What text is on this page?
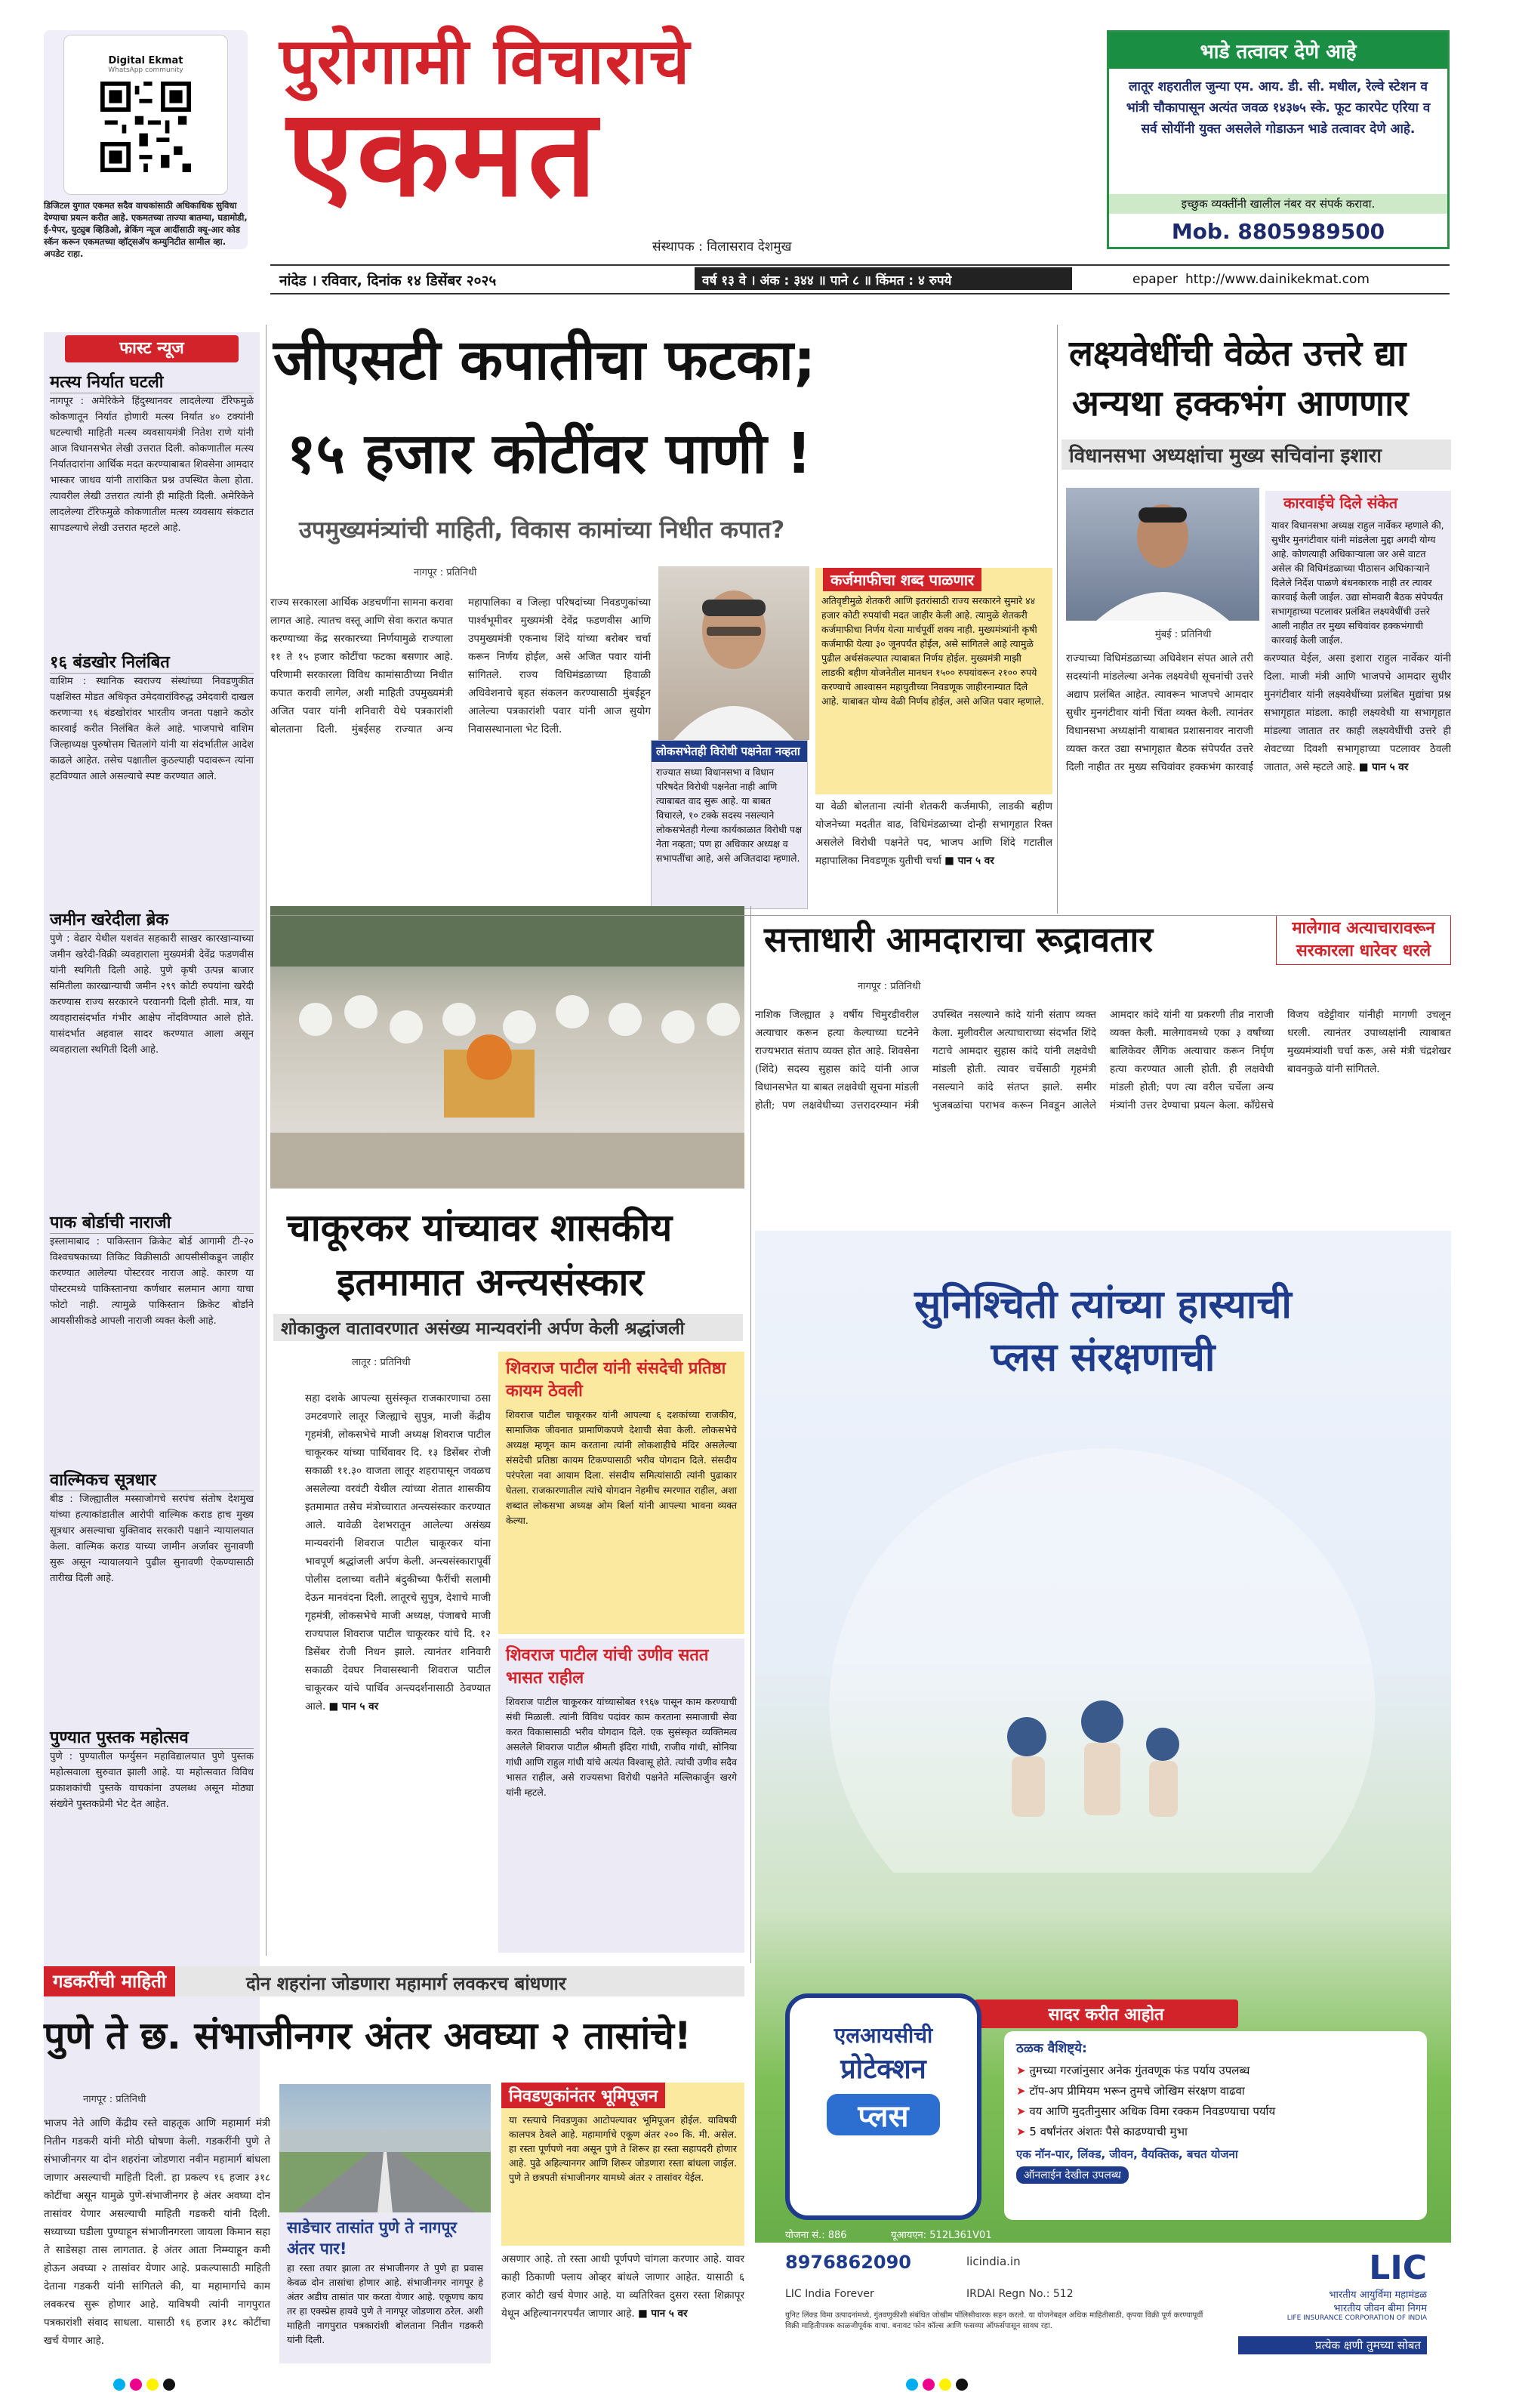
Digital Ekmat
WhatsApp community
डिजिटल युगात एकमत सदैव वाचकांसाठी अधिकाधिक सुविधा देण्याचा प्रयत्न करीत आहे. एकमतच्या ताज्या बातम्या, घडामोडी, ई-पेपर, युट्युब व्हिडिओ, ब्रेकिंग न्यूज आदींसाठी क्यू-आर कोड स्कॅन करून एकमतच्या व्हॉट्सॲप कम्युनिटीत सामील व्हा. अपडेट राहा.
पुरोगामी विचाराचे
एकमत
संस्थापक : विलासराव देशमुख
भाडे तत्वावर देणे आहे
लातूर शहरातील जुन्या एम. आय. डी. सी. मधील, रेल्वे स्टेशन व भांत्री चौकापासून अत्यंत जवळ १४३७५ स्के. फूट कारपेट एरिया व सर्व सोयींनी युक्त असलेले गोडाऊन भाडे तत्वावर देणे आहे.
इच्छुक व्यक्तींनी खालील नंबर वर संपर्क करावा.
Mob. 8805989500
नांदेड । रविवार, दिनांक १४ डिसेंबर २०२५	वर्ष १३ वे । अंक : ३४४ ॥ पाने ८ ॥ किंमत : ४ रुपये	epaper http://www.dainikekmat.com
फास्ट न्यूज
मत्स्य निर्यात घटली
नागपूर : अमेरिकेने हिंदुस्थानवर लादलेल्या टॅरिफमुळे कोकणातून निर्यात होणारी मत्स्य निर्यात ४० टक्यांनी घटल्याची माहिती मत्स्य व्यवसायमंत्री नितेश राणे यांनी आज विधानसभेत लेखी उत्तरात दिली. कोकणातील मत्स्य निर्यातदारांना आर्थिक मदत करण्याबाबत शिवसेना आमदार भास्कर जाधव यांनी तारांकित प्रश्न उपस्थित केला होता. त्यावरील लेखी उत्तरात त्यांनी ही माहिती दिली. अमेरिकेने लादलेल्या टॅरिफमुळे कोकणातील मत्स्य व्यवसाय संकटात सापडल्याचे लेखी उत्तरात म्हटले आहे.
१६ बंडखोर निलंबित
वाशिम : स्थानिक स्वराज्य संस्थांच्या निवडणुकीत पक्षशिस्त मोडत अधिकृत उमेदवारांविरुद्ध उमेदवारी दाखल करणाऱ्या १६ बंडखोरांवर भारतीय जनता पक्षाने कठोर कारवाई करीत निलंबित केले आहे. भाजपाचे वाशिम जिल्हाध्यक्ष पुरुषोत्तम चितलांगे यांनी या संदर्भातील आदेश काढले आहेत. तसेच पक्षातील कुठल्याही पदावरून त्यांना हटविण्यात आले असल्याचे स्पष्ट करण्यात आले.
जमीन खरेदीला ब्रेक
पुणे : वेढार येथील यशवंत सहकारी साखर कारखान्याच्या जमीन खरेदी-विक्री व्यवहाराला मुख्यमंत्री देवेंद्र फडणवीस यांनी स्थगिती दिली आहे. पुणे कृषी उत्पन्न बाजार समितीला कारखान्याची जमीन २९९ कोटी रुपयांना खरेदी करण्यास राज्य सरकारने परवानगी दिली होती. मात्र, या व्यवहारासंदर्भात गंभीर आक्षेप नोंदविण्यात आले होते. यासंदर्भात अहवाल सादर करण्यात आला असून व्यवहाराला स्थगिती दिली आहे.
पाक बोर्डाची नाराजी
इस्लामाबाद : पाकिस्तान क्रिकेट बोर्ड आगामी टी-२० विश्वचषकाच्या तिकिट विक्रीसाठी आयसीसीकडून जाहीर करण्यात आलेल्या पोस्टरवर नाराज आहे. कारण या पोस्टरमध्ये पाकिस्तानचा कर्णधार सलमान आगा याचा फोटो नाही. त्यामुळे पाकिस्तान क्रिकेट बोर्डाने आयसीसीकडे आपली नाराजी व्यक्त केली आहे.
वाल्मिकच सूत्रधार
बीड : जिल्ह्यातील मस्साजोगचे सरपंच संतोष देशमुख यांच्या हत्याकांडातील आरोपी वाल्मिक कराड हाच मुख्य सूत्रधार असल्याचा युक्तिवाद सरकारी पक्षाने न्यायालयात केला. वाल्मिक कराड याच्या जामीन अर्जावर सुनावणी सुरू असून न्यायालयाने पुढील सुनावणी ऐकण्यासाठी तारीख दिली आहे.
पुण्यात पुस्तक महोत्सव
पुणे : पुण्यातील फर्ग्युसन महाविद्यालयात पुणे पुस्तक महोत्सवाला सुरुवात झाली आहे. या महोत्सवात विविध प्रकाशकांची पुस्तके वाचकांना उपलब्ध असून मोठ्या संख्येने पुस्तकप्रेमी भेट देत आहेत.
जीएसटी कपातीचा फटका;
१५ हजार कोटींवर पाणी !
उपमुख्यमंत्र्यांची माहिती, विकास कामांच्या निधीत कपात?
नागपूर : प्रतिनिधी
राज्य सरकारला आर्थिक अडचणींना सामना करावा लागत आहे. त्यातच वस्तू आणि सेवा करात कपात करण्याच्या केंद्र सरकारच्या निर्णयामुळे राज्याला ११ ते १५ हजार कोटींचा फटका बसणार आहे. परिणामी सरकारला विविध कामांसाठीच्या निधीत कपात करावी लागेल, अशी माहिती उपमुख्यमंत्री अजित पवार यांनी शनिवारी येथे पत्रकारांशी बोलताना दिली. मुंबईसह राज्यात अन्य महापालिका व जिल्हा परिषदांच्या निवडणुकांच्या पार्श्वभूमीवर मुख्यमंत्री देवेंद्र फडणवीस आणि उपमुख्यमंत्री एकनाथ शिंदे यांच्या बरोबर चर्चा करून निर्णय होईल, असे अजित पवार यांनी सांगितले. राज्य विधिमंडळाच्या हिवाळी अधिवेशनाचे बृहत संकलन करण्यासाठी मुंबईहून आलेल्या पत्रकारांशी पवार यांनी आज सुयोग निवासस्थानाला भेट दिली.
लोकसभेतही विरोधी पक्षनेता नव्हता
राज्यात सध्या विधानसभा व विधान परिषदेत विरोधी पक्षनेता नाही आणि त्याबाबत वाद सुरू आहे. या बाबत विचारले, १० टक्के सदस्य नसल्याने लोकसभेतही गेल्या कार्यकाळात विरोधी पक्ष नेता नव्हता; पण हा अधिकार अध्यक्ष व सभापतींचा आहे, असे अजितदादा म्हणाले.
कर्जमाफीचा शब्द पाळणार
अतिवृष्टीमुळे शेतकरी आणि इतरांसाठी राज्य सरकारने सुमारे ४४ हजार कोटी रुपयांची मदत जाहीर केली आहे. त्यामुळे शेतकरी कर्जमाफीचा निर्णय येत्या मार्चपूर्वी शक्य नाही. मुख्यमंत्र्यांनी कृषी कर्जमाफी येत्या ३० जूनपर्यंत होईल, असे सांगितले आहे त्यामुळे पुढील अर्थसंकल्पात त्याबाबत निर्णय होईल. मुख्यमंत्री माझी लाडकी बहीण योजनेतील मानधन १५०० रुपयांवरून २१०० रुपये करण्याचे आश्वासन महायुतीच्या निवडणूक जाहीरनाम्यात दिले आहे. याबाबत योग्य वेळी निर्णय होईल, असे अजित पवार म्हणाले.
या वेळी बोलताना त्यांनी शेतकरी कर्जमाफी, लाडकी बहीण योजनेच्या मदतीत वाढ, विधिमंडळाच्या दोन्ही सभागृहात रिक्त असलेले विरोधी पक्षनेते पद, भाजप आणि शिंदे गटातील महापालिका निवडणूक युतीची चर्चा ■ पान ५ वर
लक्ष्यवेधींची वेळेत उत्तरे द्या
अन्यथा हक्कभंग आणणार
विधानसभा अध्यक्षांचा मुख्य सचिवांना इशारा
मुंबई : प्रतिनिधी
कारवाईचे दिले संकेत
यावर विधानसभा अध्यक्ष राहुल नार्वेकर म्हणाले की, सुधीर मुनगंटीवार यांनी मांडलेला मुद्दा अगदी योग्य आहे. कोणत्याही अधिकाऱ्याला जर असे वाटत असेल की विधिमंडळाच्या पीठासन अधिकाऱ्याने दिलेले निर्देश पाळणे बंधनकारक नाही तर त्यावर कारवाई केली जाईल. उद्या सोमवारी बैठक संपेपर्यंत सभागृहाच्या पटलावर प्रलंबित लक्ष्यवेधींची उत्तरे आली नाहीत तर मुख्य सचिवांवर हक्कभंगाची कारवाई केली जाईल.
राज्याच्या विधिमंडळाच्या अधिवेशन संपत आले तरी सदस्यांनी मांडलेल्या अनेक लक्ष्यवेधी सूचनांची उत्तरे अद्याप प्रलंबित आहेत. त्यावरून भाजपचे आमदार सुधीर मुनगंटीवार यांनी चिंता व्यक्त केली. त्यानंतर विधानसभा अध्यक्षांनी याबाबत प्रशासनावर नाराजी व्यक्त करत उद्या सभागृहात बैठक संपेपर्यंत उत्तरे दिली नाहीत तर मुख्य सचिवांवर हक्कभंग कारवाई करण्यात येईल, असा इशारा राहुल नार्वेकर यांनी दिला. माजी मंत्री आणि भाजपचे आमदार सुधीर मुनगंटीवार यांनी लक्ष्यवेधींच्या प्रलंबित मुद्यांचा प्रश्न सभागृहात मांडला. काही लक्ष्यवेधी या सभागृहात मांडल्या जातात तर काही लक्ष्यवेधींची उत्तरे ही शेवटच्या दिवशी सभागृहाच्या पटलावर ठेवली जातात, असे म्हटले आहे. ■ पान ५ वर
सत्ताधारी आमदाराचा रूद्रावतार	मालेगाव अत्याचारावरून सरकारला धारेवर धरले
नागपूर : प्रतिनिधी
नाशिक जिल्ह्यात ३ वर्षीय चिमुरडीवरील अत्याचार करून हत्या केल्याच्या घटनेने राज्यभरात संताप व्यक्त होत आहे. शिवसेना (शिंदे) सदस्य सुहास कांदे यांनी आज विधानसभेत या बाबत लक्षवेधी सूचना मांडली होती; पण लक्षवेधीच्या उत्तरादरम्यान मंत्री उपस्थित नसल्याने कांदे यांनी संताप व्यक्त केला. मुलीवरील अत्याचाराच्या संदर्भात शिंदे गटाचे आमदार सुहास कांदे यांनी लक्षवेधी मांडली होती. त्यावर चर्चेसाठी गृहमंत्री नसल्याने कांदे संतप्त झाले. समीर भुजबळांचा पराभव करून निवडून आलेले आमदार कांदे यांनी या प्रकरणी तीव्र नाराजी व्यक्त केली. मालेगावमध्ये एका ३ वर्षांच्या बालिकेवर लैंगिक अत्याचार करून निर्घृण हत्या करण्यात आली होती. ही लक्षवेधी मांडली होती; पण त्या वरील चर्चेला अन्य मंत्र्यांनी उत्तर देण्याचा प्रयत्न केला. काँग्रेसचे विजय वडेट्टीवार यांनीही मागणी उचलून धरली. त्यानंतर उपाध्यक्षांनी त्याबाबत मुख्यमंत्र्यांशी चर्चा करू, असे मंत्री चंद्रशेखर बावनकुळे यांनी सांगितले.
चाकूरकर यांच्यावर शासकीय
इतमामात अन्त्यसंस्कार
शोकाकुल वातावरणात असंख्य मान्यवरांनी अर्पण केली श्रद्धांजली
लातूर : प्रतिनिधी
सहा दशके आपल्या सुसंस्कृत राजकारणाचा ठसा उमटवणारे लातूर जिल्ह्याचे सुपुत्र, माजी केंद्रीय गृहमंत्री, लोकसभेचे माजी अध्यक्ष शिवराज पाटील चाकूरकर यांच्या पार्थिवावर दि. १३ डिसेंबर रोजी सकाळी ११.३० वाजता लातूर शहरापासून जवळच असलेल्या वरवंटी येथील त्यांच्या शेतात शासकीय इतमामात तसेच मंत्रोच्चारात अन्त्यसंस्कार करण्यात आले. यावेळी देशभरातून आलेल्या असंख्य मान्यवरांनी शिवराज पाटील चाकूरकर यांना भावपूर्ण श्रद्धांजली अर्पण केली. अन्त्यसंस्कारापूर्वी पोलीस दलाच्या वतीने बंदुकीच्या फैरींची सलामी देऊन मानवंदना दिली. लातूरचे सुपुत्र, देशाचे माजी गृहमंत्री, लोकसभेचे माजी अध्यक्ष, पंजाबचे माजी राज्यपाल शिवराज पाटील चाकूरकर यांचे दि. १२ डिसेंबर रोजी निधन झाले. त्यानंतर शनिवारी सकाळी देवघर निवासस्थानी शिवराज पाटील चाकूरकर यांचे पार्थिव अन्त्यदर्शनासाठी ठेवण्यात आले. ■ पान ५ वर
शिवराज पाटील यांनी संसदेची प्रतिष्ठा कायम ठेवली
शिवराज पाटील चाकूरकर यांनी आपल्या ६ दशकांच्या राजकीय, सामाजिक जीवनात प्रामाणिकपणे देशाची सेवा केली. लोकसभेचे अध्यक्ष म्हणून काम करताना त्यांनी लोकशाहीचे मंदिर असलेल्या संसदेची प्रतिष्ठा कायम टिकण्यासाठी भरीव योगदान दिले. संसदीय परंपरेला नवा आयाम दिला. संसदीय समित्यांसाठी त्यांनी पुढाकार घेतला. राजकारणातील त्यांचे योगदान नेहमीच स्मरणात राहील, अशा शब्दात लोकसभा अध्यक्ष ओम बिर्ला यांनी आपल्या भावना व्यक्त केल्या.
शिवराज पाटील यांची उणीव सतत भासत राहील
शिवराज पाटील चाकूरकर यांच्यासोबत १९६७ पासून काम करण्याची संधी मिळाली. त्यांनी विविध पदांवर काम करताना समाजाची सेवा करत विकासासाठी भरीव योगदान दिले. एक सुसंस्कृत व्यक्तिमत्व असलेले शिवराज पाटील श्रीमती इंदिरा गांधी, राजीव गांधी, सोनिया गांधी आणि राहुल गांधी यांचे अत्यंत विश्वासू होते. त्यांची उणीव सदैव भासत राहील, असे राज्यसभा विरोधी पक्षनेते मल्लिकार्जुन खरगे यांनी म्हटले.
गडकरींची माहिती	दोन शहरांना जोडणारा महामार्ग लवकरच बांधणार
पुणे ते छ. संभाजीनगर अंतर अवघ्या २ तासांचे!
नागपूर : प्रतिनिधी
भाजप नेते आणि केंद्रीय रस्ते वाहतूक आणि महामार्ग मंत्री नितीन गडकरी यांनी मोठी घोषणा केली. गडकरींनी पुणे ते संभाजीनगर या दोन शहरांना जोडणारा नवीन महामार्ग बांधला जाणार असल्याची माहिती दिली. हा प्रकल्प १६ हजार ३१८ कोटींचा असून यामुळे पुणे-संभाजीनगर हे अंतर अवघ्या दोन तासांवर येणार असल्याची माहिती गडकरी यांनी दिली. सध्याच्या घडीला पुण्याहून संभाजीनगरला जायला किमान सहा ते साडेसहा तास लागतात. हे अंतर आता निम्म्याहून कमी होऊन अवघ्या २ तासांवर येणार आहे. प्रकल्पासाठी माहिती देताना गडकरी यांनी सांगितले की, या महामार्गाचे काम लवकरच सुरू होणार आहे. याविषयी त्यांनी नागपुरात पत्रकारांशी संवाद साधला. यासाठी १६ हजार ३१८ कोटींचा खर्च येणार आहे.
साडेचार तासांत पुणे ते नागपूर अंतर पार!
हा रस्ता तयार झाला तर संभाजीनगर ते पुणे हा प्रवास केवळ दोन तासांचा होणार आहे. संभाजीनगर नागपूर हे अंतर अडीच तासांत पार करता येणार आहे. एकूणच काय तर हा एक्स्प्रेस हायवे पुणे ते नागपूर जोडणारा ठरेल. अशी माहिती नागपुरात पत्रकारांशी बोलताना नितीन गडकरी यांनी दिली.
निवडणुकांनंतर भूमिपूजन
या रस्त्याचे निवडणुका आटोपल्यावर भूमिपूजन होईल. याविषयी कालपत्र ठेवले आहे. महामार्गाचे एकूण अंतर २०० कि. मी. असेल. हा रस्ता पूर्णपणे नवा असून पुणे ते शिरूर हा रस्ता सहापदरी होणार आहे. पुढे अहिल्यानगर आणि शिरूर जोडणारा रस्ता बांधला जाईल. पुणे ते छत्रपती संभाजीनगर यामध्ये अंतर २ तासांवर येईल.
असणार आहे. तो रस्ता आधी पूर्णपणे चांगला करणार आहे. यावर काही ठिकाणी फ्लाय ओव्हर बांधले जाणार आहेत. यासाठी ६ हजार कोटी खर्च येणार आहे. या व्यतिरिक्त दुसरा रस्ता शिक्रापूर येथून अहिल्यानगरपर्यंत जाणार आहे. ■ पान ५ वर
सुनिश्चिती त्यांच्या हास्याची
प्लस संरक्षणाची
सादर करीत आहोत
एलआयसीची
प्रोटेक्शन
प्लस
योजना सं.: 886	यूआयएन: 512L361V01
ठळक वैशिष्ट्ये:
➤ तुमच्या गरजांनुसार अनेक गुंतवणूक फंड पर्याय उपलब्ध
➤ टॉप-अप प्रीमियम भरून तुमचे जोखिम संरक्षण वाढवा
➤ वय आणि मुदतीनुसार अधिक विमा रक्कम निवडण्याचा पर्याय
➤ 5 वर्षांनंतर अंशतः पैसे काढण्याची मुभा
एक नॉन-पार, लिंक्ड, जीवन, वैयक्तिक, बचत योजना
ऑनलाईन देखील उपलब्ध
8976862090	licindia.in
LIC India Forever	IRDAI Regn No.: 512
युनिट लिंक्ड विमा उत्पादनांमध्ये, गुंतवणुकीशी संबंधित जोखीम पॉलिसीधारक सहन करतो. या योजनेबद्दल अधिक माहितीसाठी, कृपया विक्री पूर्ण करण्यापूर्वी विक्री माहितीपत्रक काळजीपूर्वक वाचा. बनावट फोन कॉल्स आणि फसव्या ऑफर्सपासून सावध रहा.
LIC
भारतीय आयुर्विमा महामंडळ
भारतीय जीवन बीमा निगम
LIFE INSURANCE CORPORATION OF INDIA
प्रत्येक क्षणी तुमच्या सोबत
